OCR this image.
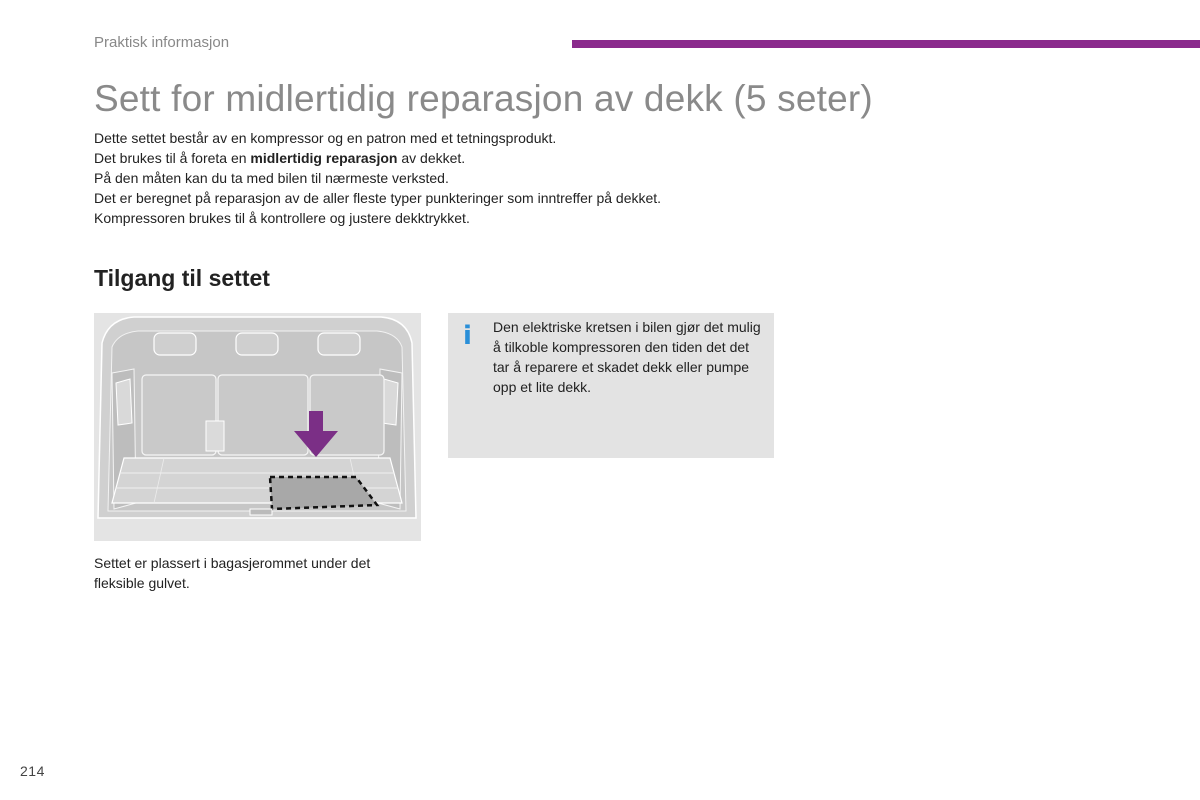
Praktisk informasjon
Sett for midlertidig reparasjon av dekk (5 seter)

Dette settet består av en kompressor og en patron med et tetningsprodukt.

Det brukes til å foreta en midlertidig reparasjon av dekket.

På den måten kan du ta med bilen til nærmeste verksted.

Det er beregnet på reparasjon av de aller fleste typer punkteringer som inntreffer på dekket.

Kompressoren brukes til å kontrollere og justere dekktrykket.

Tilgang til settet
Settet er plassert i bagasjerommet under det fleksible gulvet.
i Den elektriske kretsen i bilen gjør det mulig å tilkoble kompressoren den tiden det det tar å reparere et skadet dekk eller pumpe opp et lite dekk.
214
